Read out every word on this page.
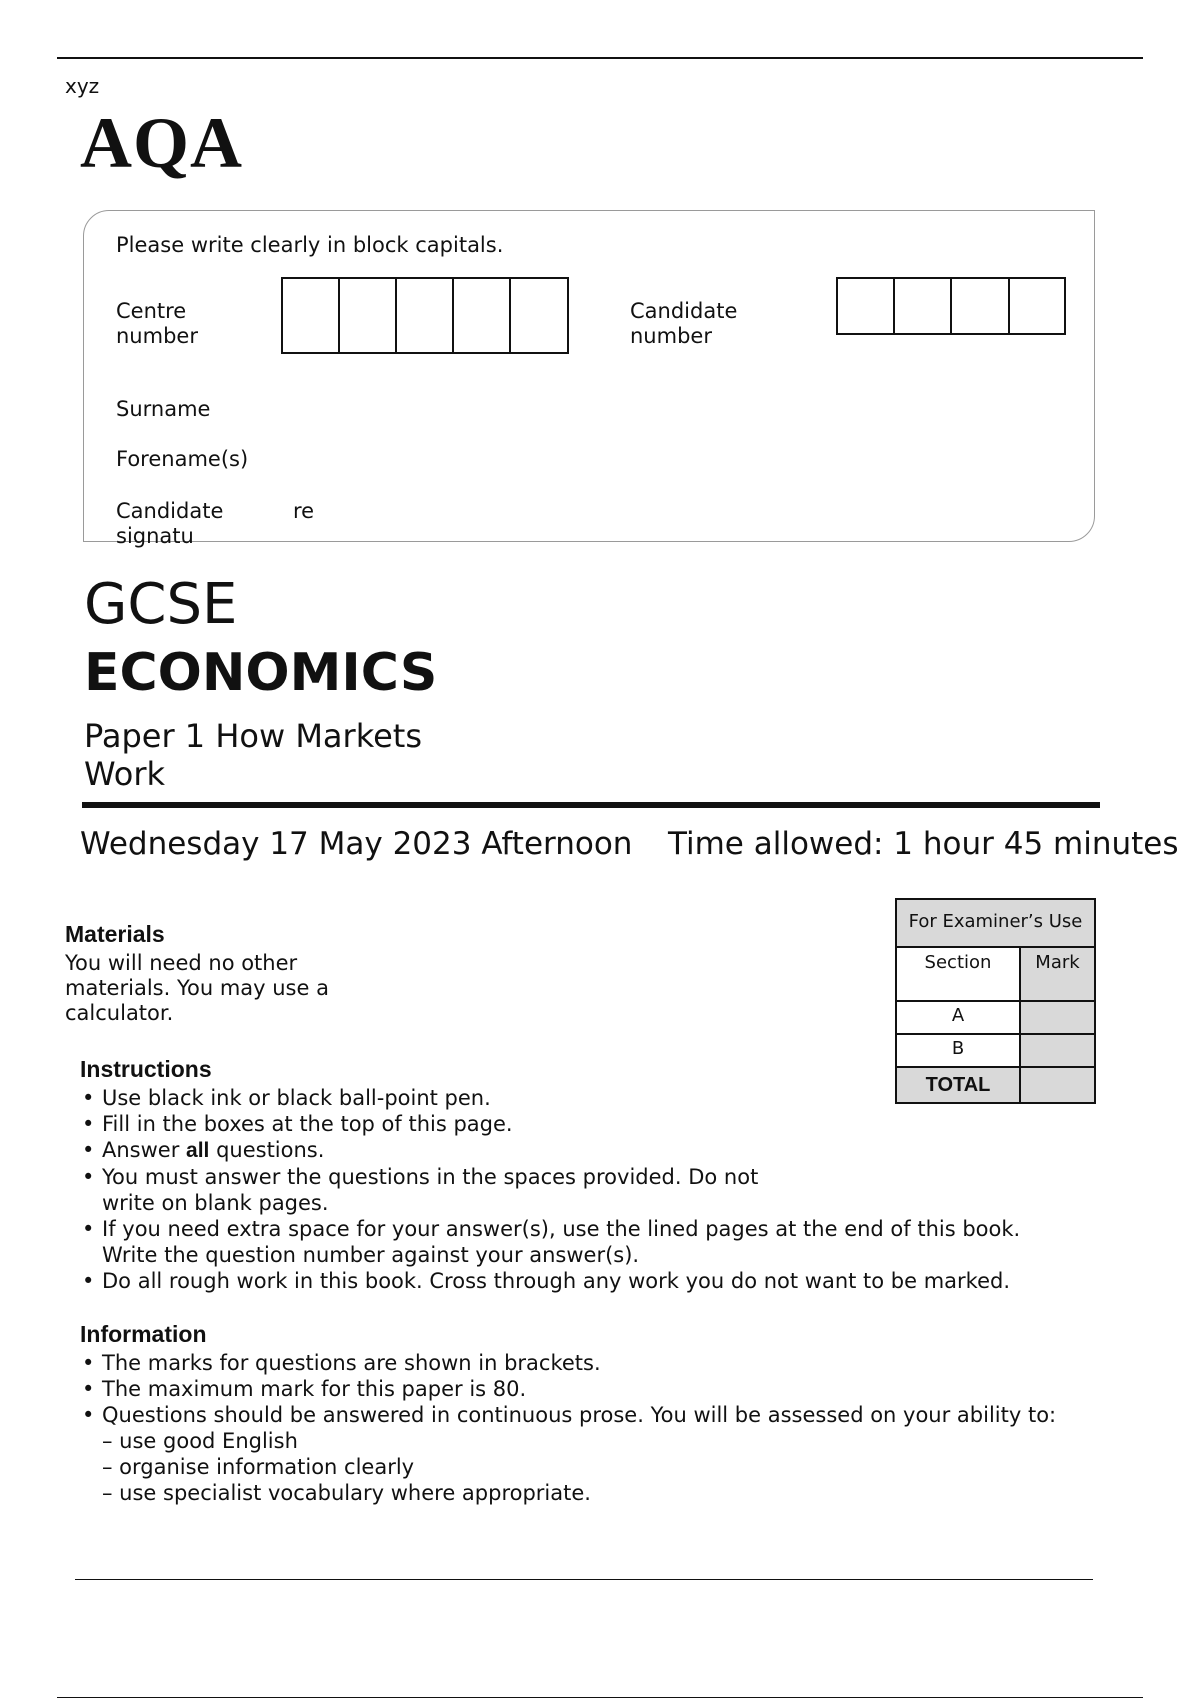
xyz
AQA
Please write clearly in block capitals.
Centre number
Candidate number
Surname
Forename(s)
Candidate signatu
re
GCSE
ECONOMICS
Paper 1 How Markets Work
Wednesday 17 May 2023 Afternoon Time allowed: 1 hour 45 minutes
Materials
You will need no other materials. You may use a calculator.
For Examiner’s Use	
Section	Mark
A	
B	
TOTAL	
Instructions
• Use black ink or black ball-point pen.
• Fill in the boxes at the top of this page.
• Answer all questions.
• You must answer the questions in the spaces provided. Do not write on blank pages.
• If you need extra space for your answer(s), use the lined pages at the end of this book. Write the question number against your answer(s).
• Do all rough work in this book. Cross through any work you do not want to be marked.
Information
• The marks for questions are shown in brackets.
• The maximum mark for this paper is 80.
• Questions should be answered in continuous prose. You will be assessed on your ability to:
– use good English
– organise information clearly
– use specialist vocabulary where appropriate.
